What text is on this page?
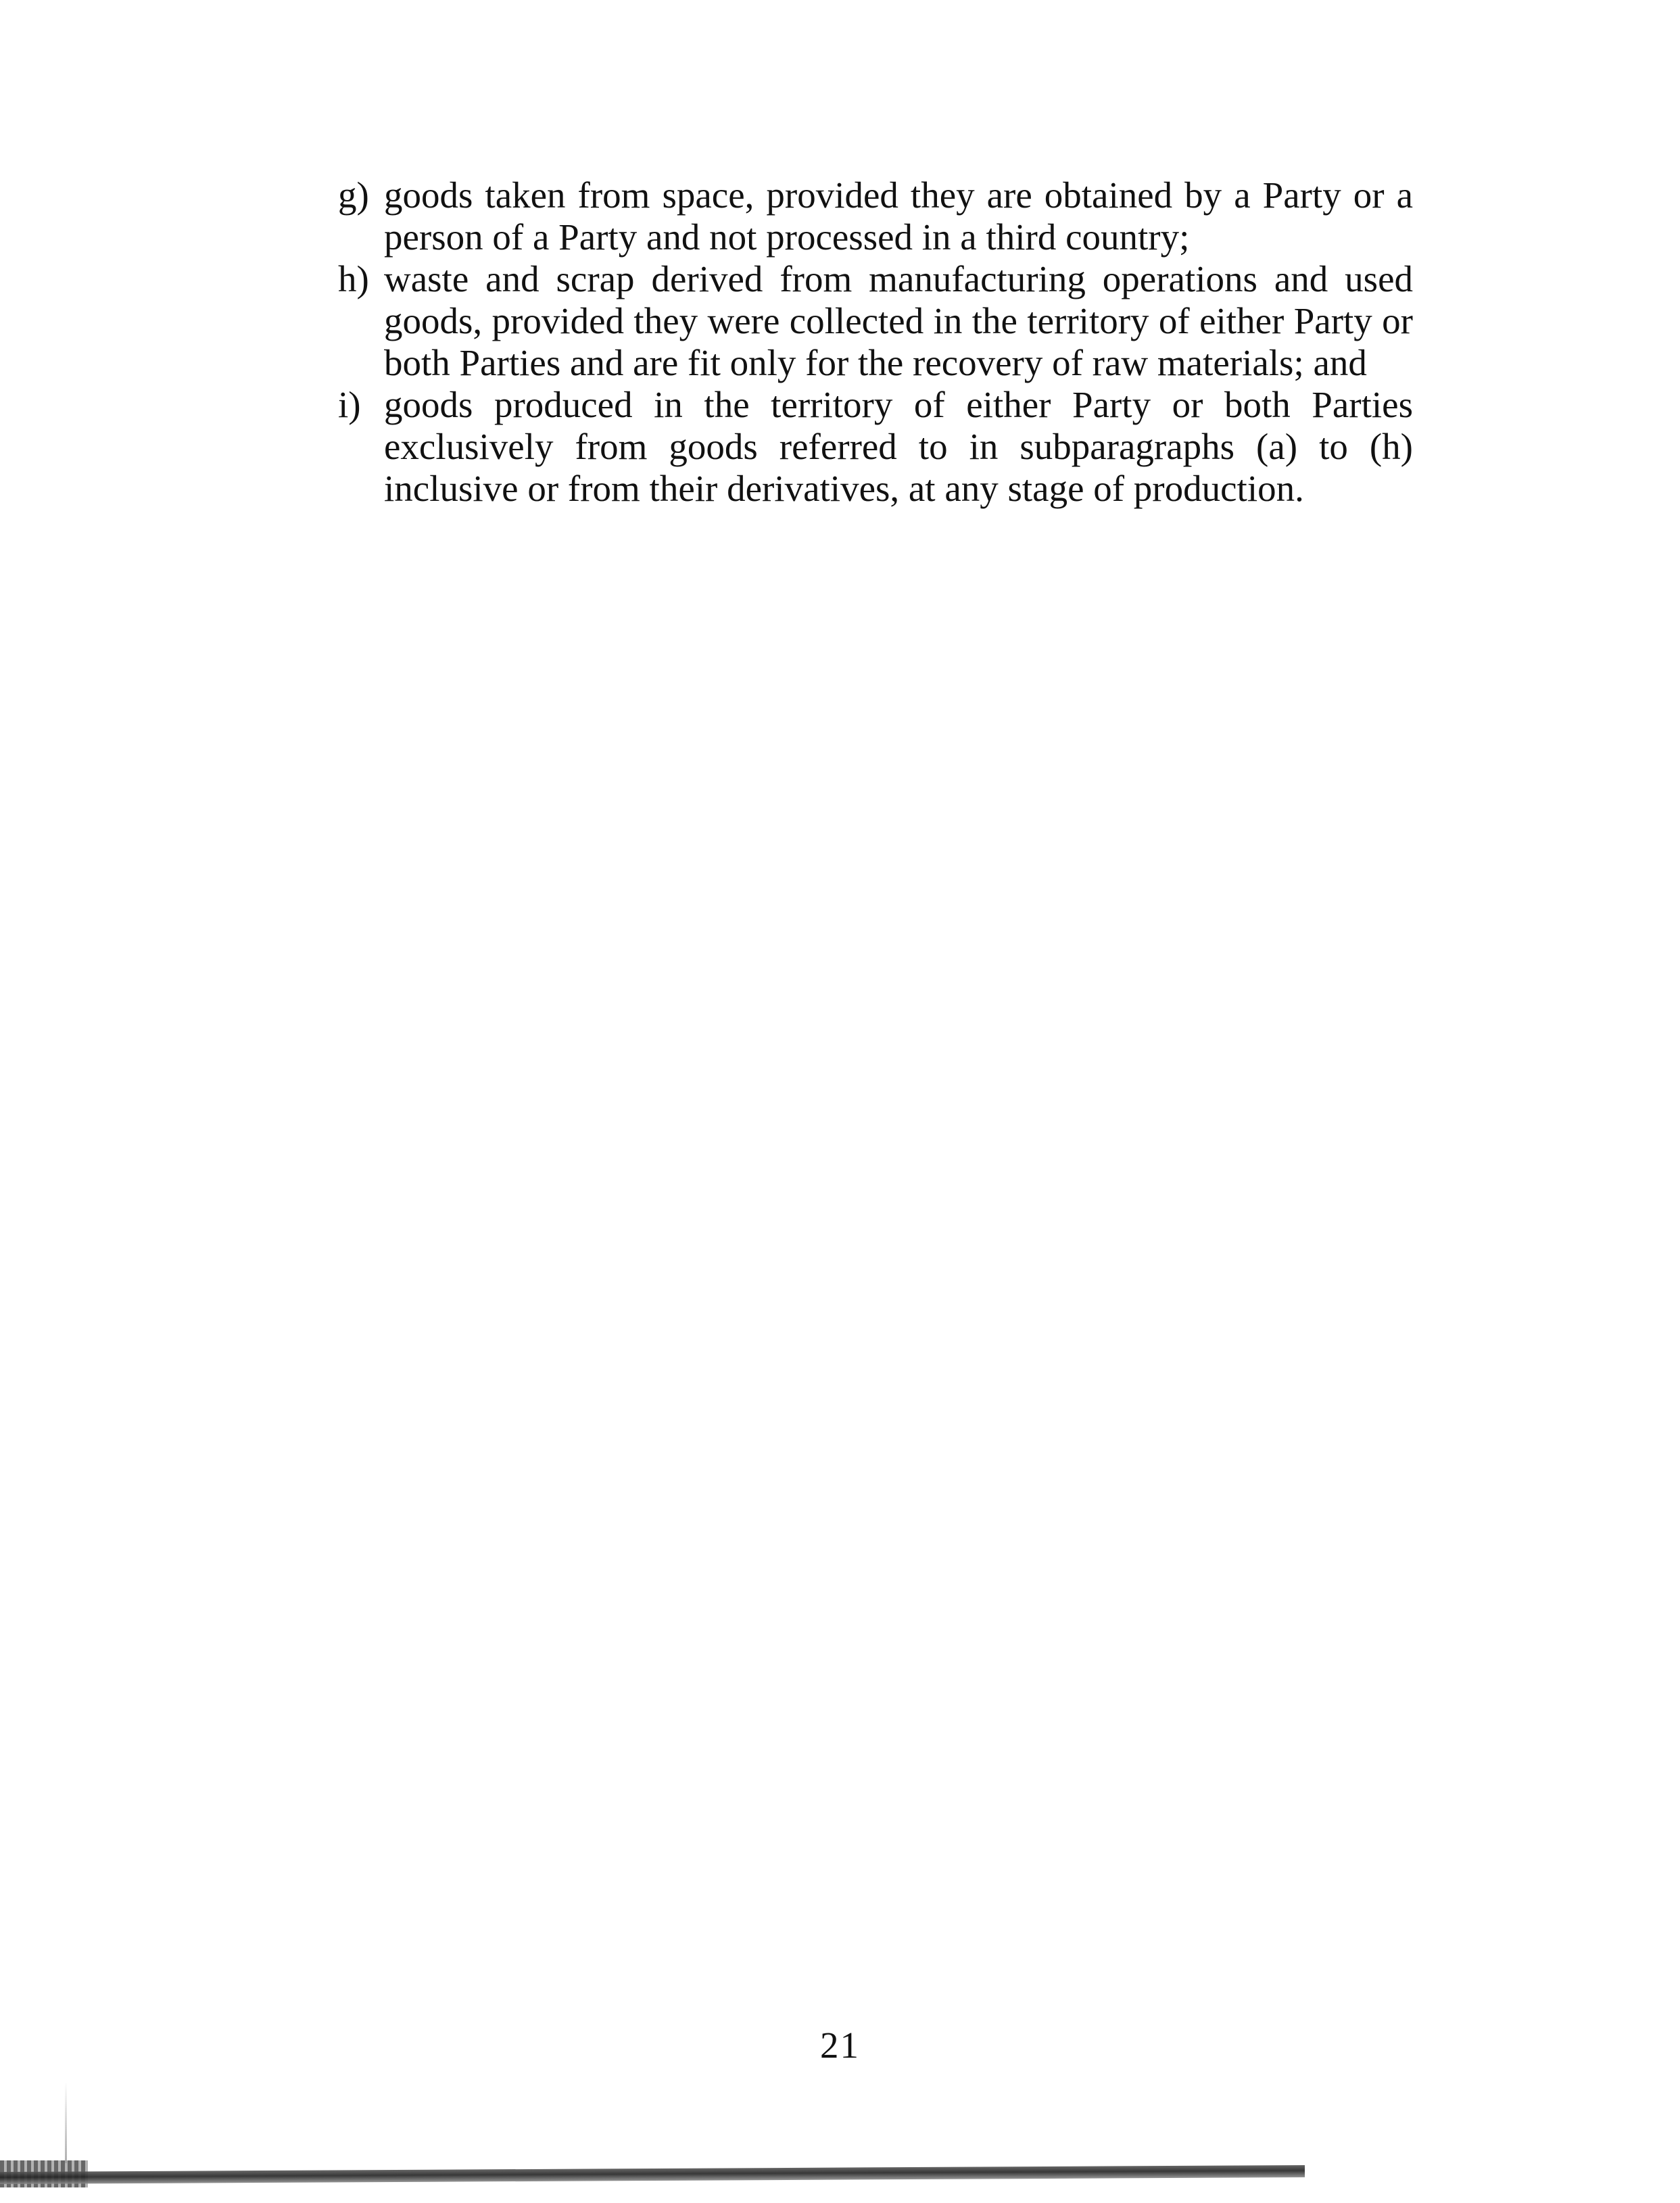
g) goods taken from space, provided they are obtained by a Party or a person of a Party and not processed in a third country;
h) waste and scrap derived from manufacturing operations and used goods, provided they were collected in the territory of either Party or both Parties and are fit only for the recovery of raw materials; and
i) goods produced in the territory of either Party or both Parties exclusively from goods referred to in subparagraphs (a) to (h) inclusive or from their derivatives, at any stage of production.
21
